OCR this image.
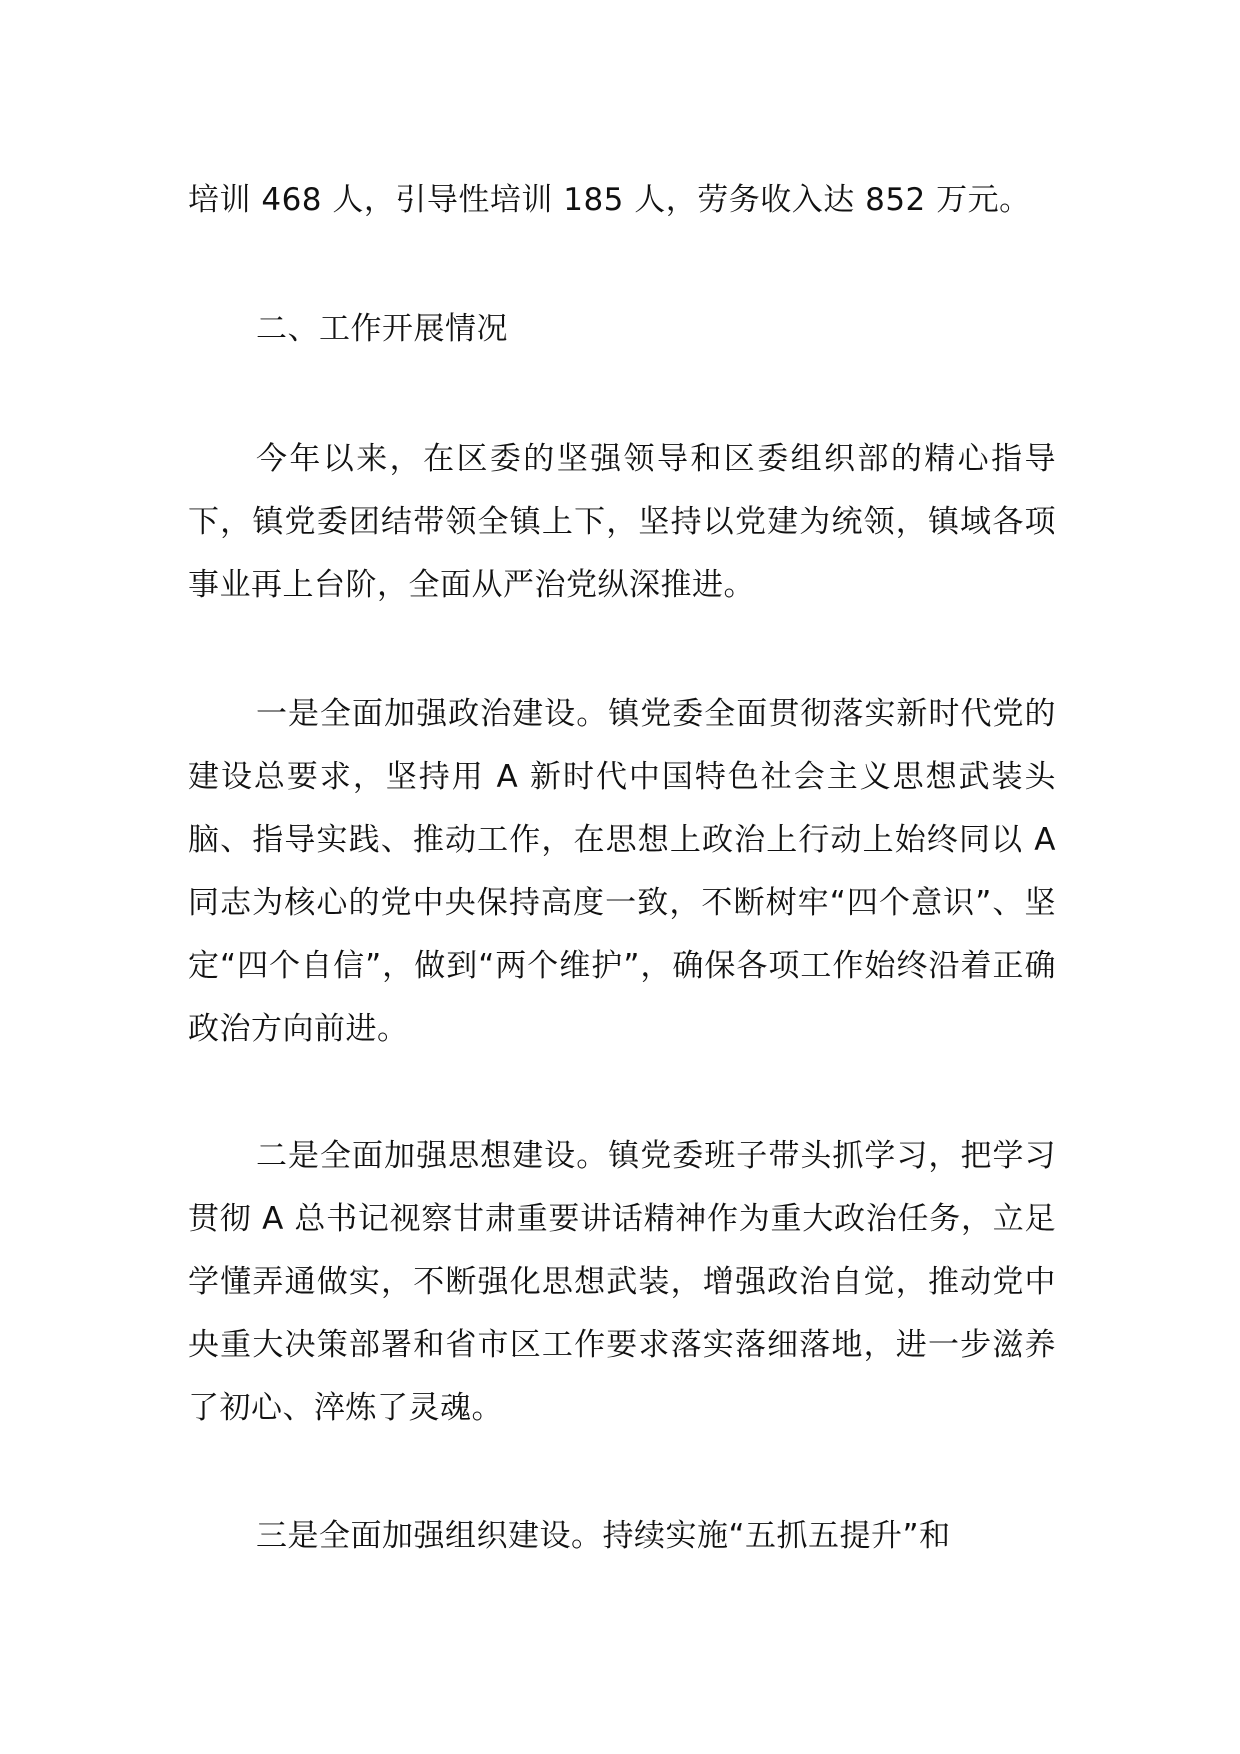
培训 468 人，引导性培训 185 人，劳务收入达 852 万元。

二、工作开展情况

今年以来，在区委的坚强领导和区委组织部的精心指导下，镇党委团结带领全镇上下，坚持以党建为统领，镇域各项事业再上台阶，全面从严治党纵深推进。

一是全面加强政治建设。镇党委全面贯彻落实新时代党的建设总要求，坚持用 A 新时代中国特色社会主义思想武装头脑、指导实践、推动工作，在思想上政治上行动上始终同以 A 同志为核心的党中央保持高度一致，不断树牢“四个意识”、坚定“四个自信”，做到“两个维护”，确保各项工作始终沿着正确政治方向前进。

二是全面加强思想建设。镇党委班子带头抓学习，把学习贯彻 A 总书记视察甘肃重要讲话精神作为重大政治任务，立足学懂弄通做实，不断强化思想武装，增强政治自觉，推动党中央重大决策部署和省市区工作要求落实落细落地，进一步滋养了初心、淬炼了灵魂。

三是全面加强组织建设。持续实施“五抓五提升”和
